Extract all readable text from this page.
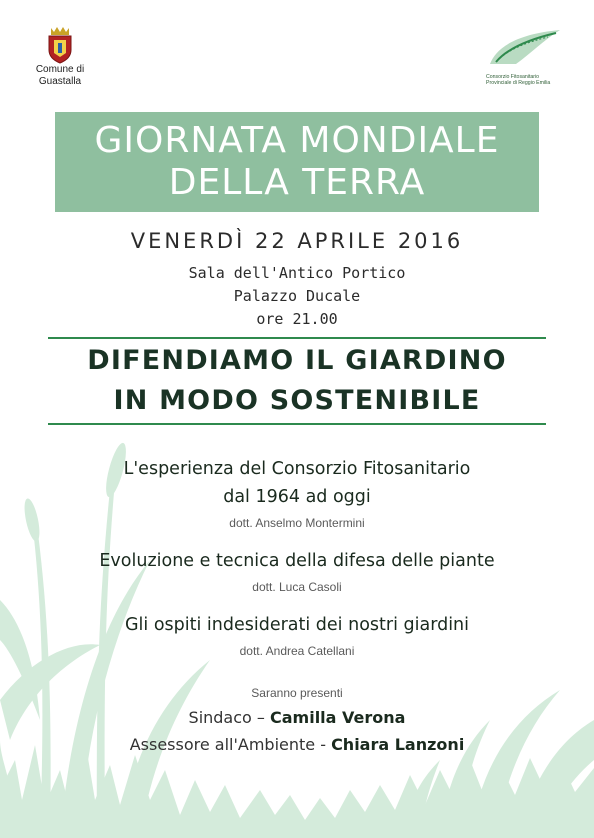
Comune di
Guastalla	Consorzio Fitosanitario
Provinciale di Reggio Emilia
GIORNATA MONDIALE
DELLA TERRA
VENERDÌ 22 APRILE 2016
Sala dell'Antico Portico
Palazzo Ducale
ore 21.00
DIFENDIAMO IL GIARDINO
IN MODO SOSTENIBILE
L'esperienza del Consorzio Fitosanitario
dal 1964 ad oggi
dott. Anselmo Montermini
Evoluzione e tecnica della difesa delle piante
dott. Luca Casoli
Gli ospiti indesiderati dei nostri giardini
dott. Andrea Catellani
Saranno presenti
Sindaco – Camilla Verona
Assessore all'Ambiente - Chiara Lanzoni
